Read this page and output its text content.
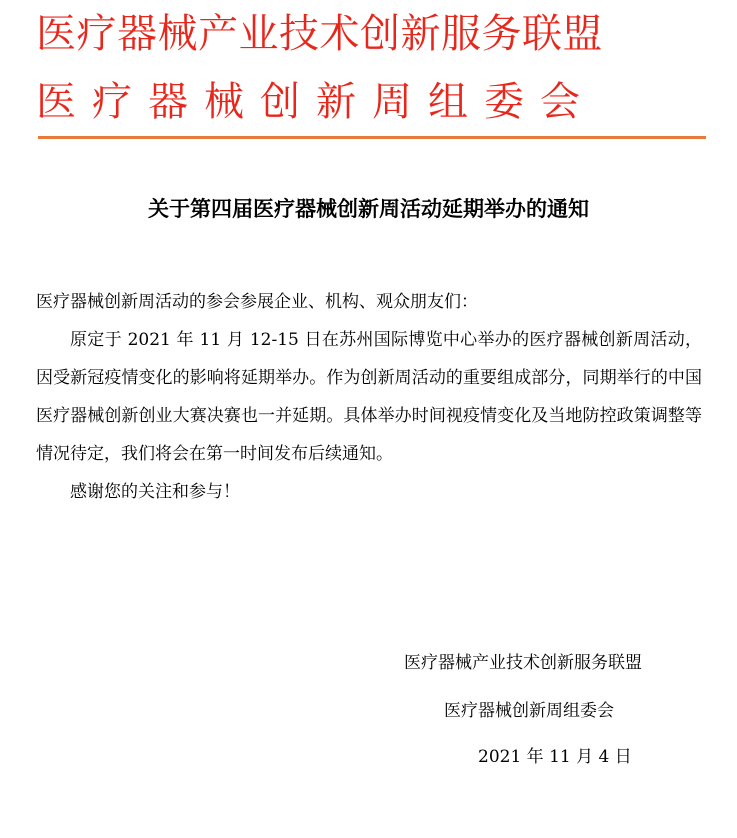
医疗器械产业技术创新服务联盟
医疗器械创新周组委会
关于第四届医疗器械创新周活动延期举办的通知

医疗器械创新周活动的参会参展企业、机构、观众朋友们：

原定于 2021 年 11 月 12-15 日在苏州国际博览中心举办的医疗器械创新周活动，因受新冠疫情变化的影响将延期举办。作为创新周活动的重要组成部分，同期举行的中国医疗器械创新创业大赛决赛也一并延期。具体举办时间视疫情变化及当地防控政策调整等情况待定，我们将会在第一时间发布后续通知。

感谢您的关注和参与！

医疗器械产业技术创新服务联盟
医疗器械创新周组委会
2021 年 11 月 4 日
